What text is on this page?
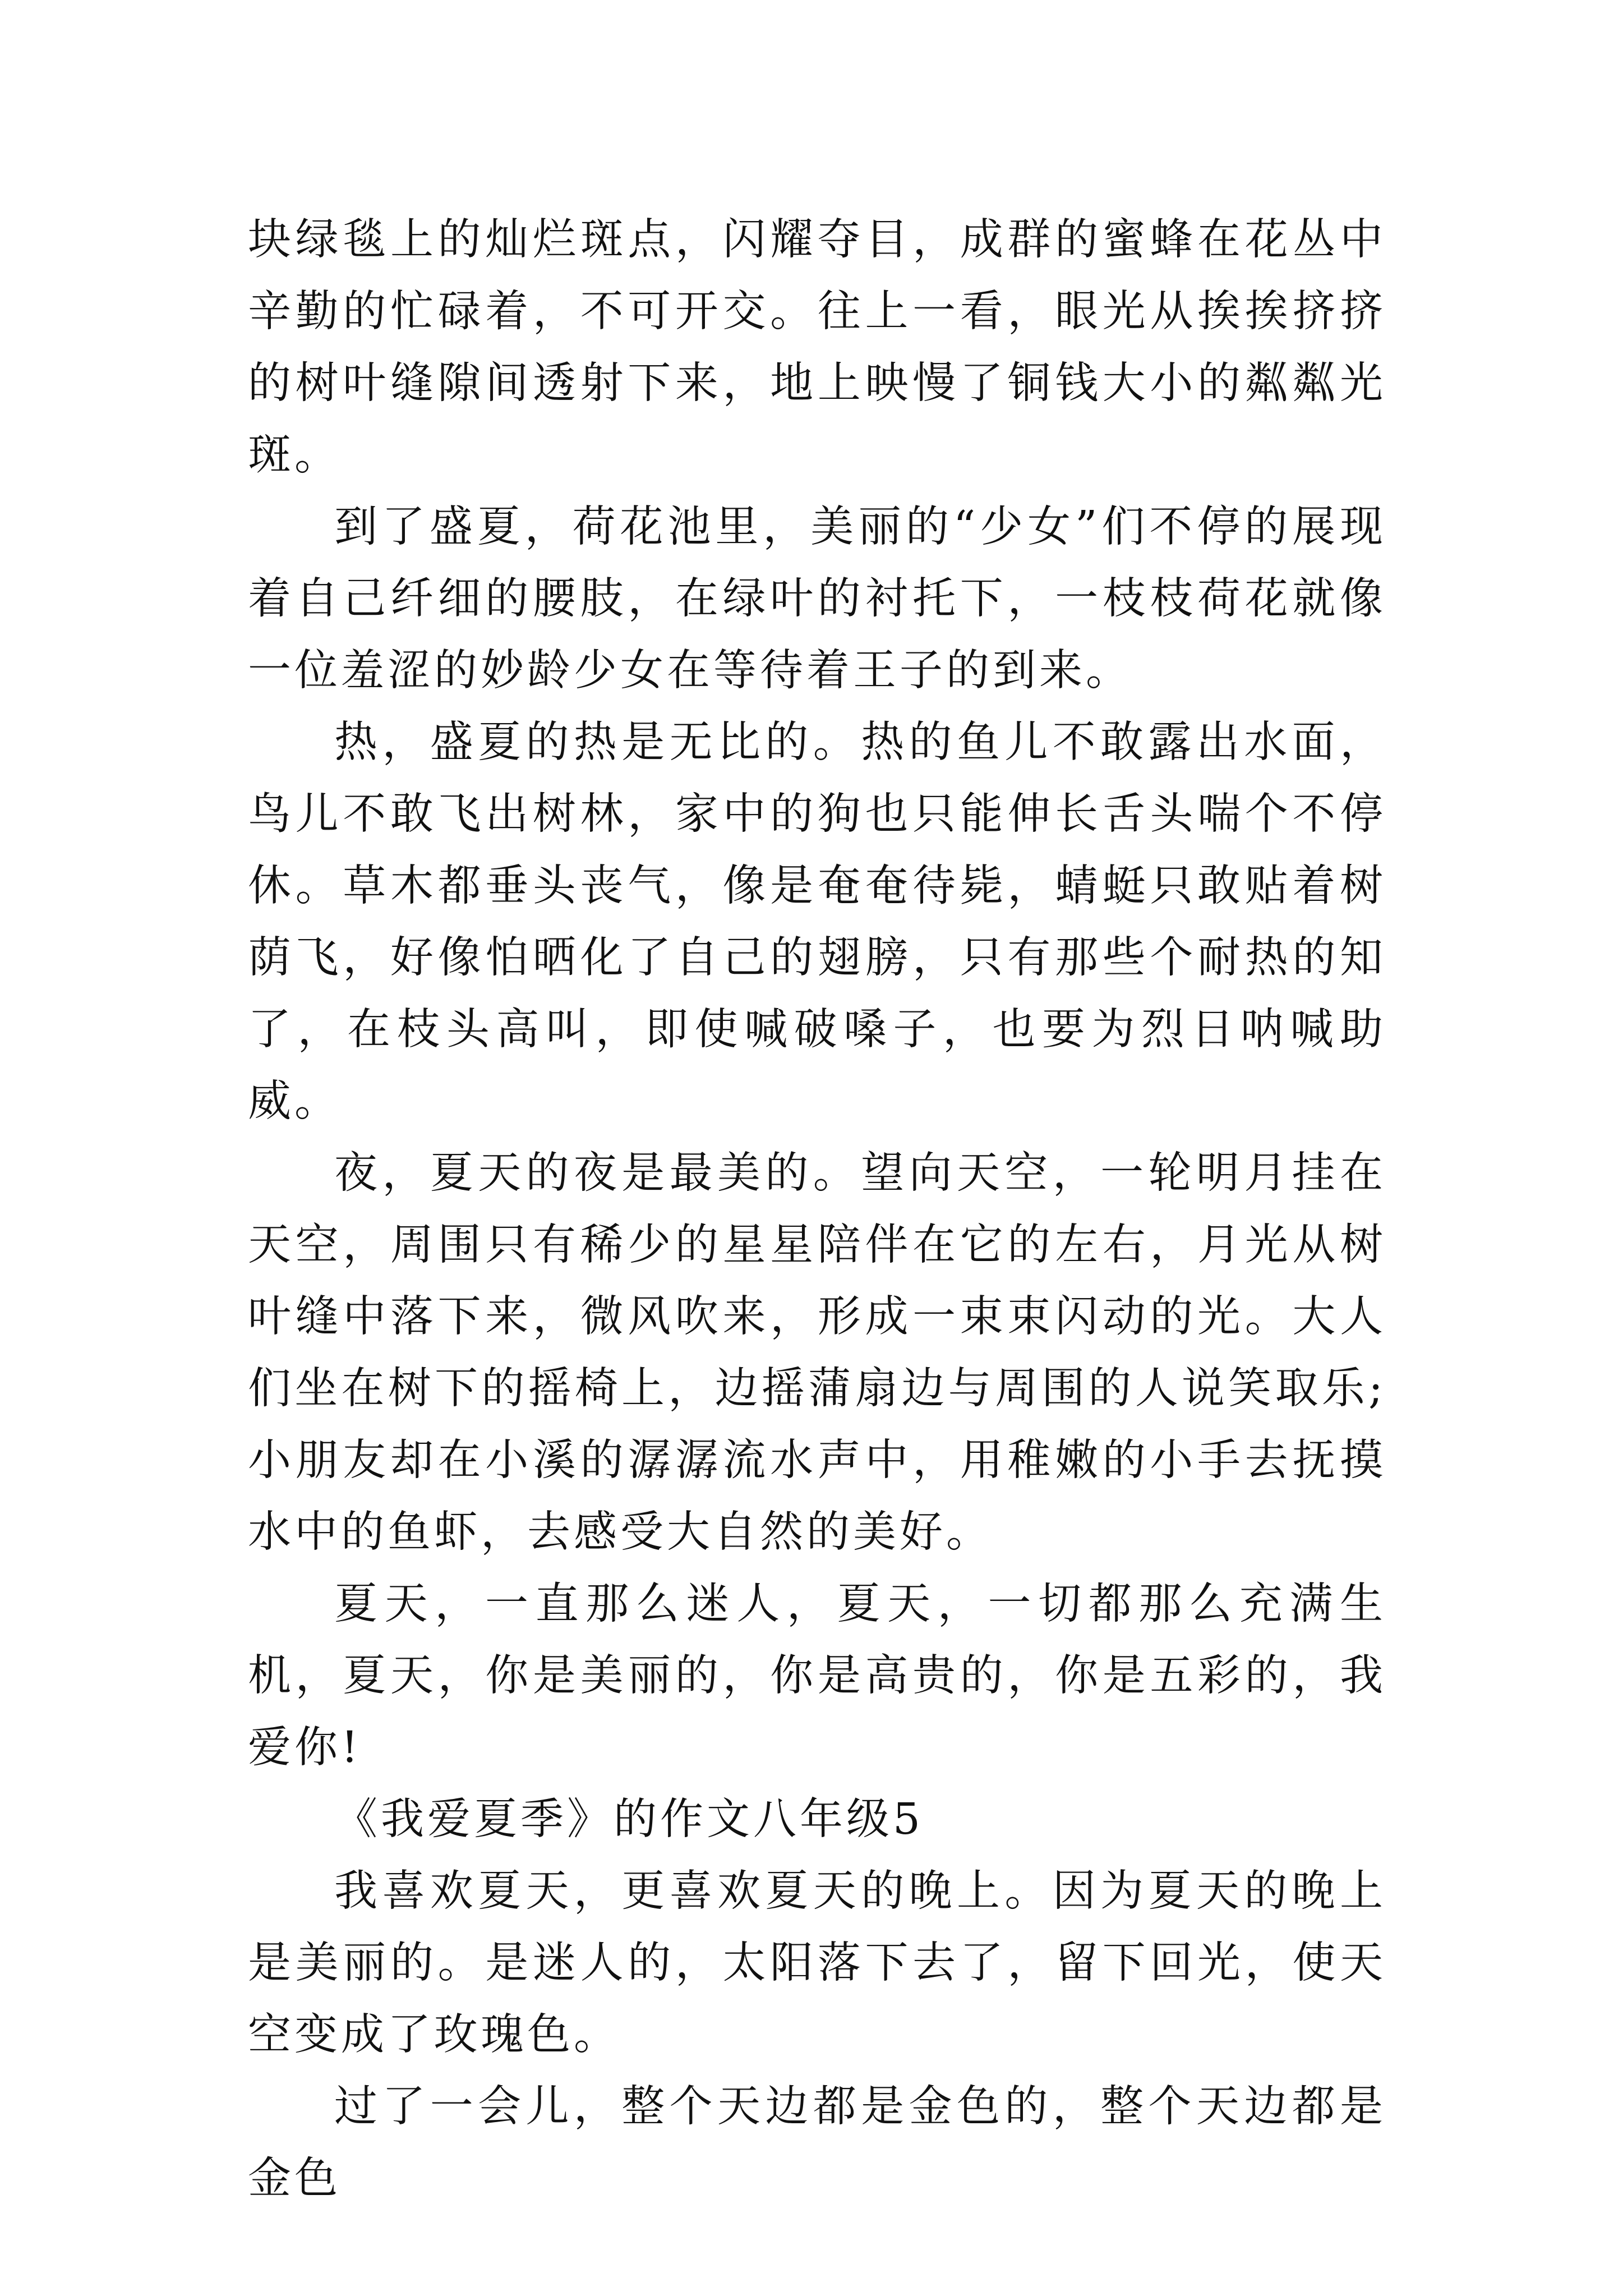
块绿毯上的灿烂斑点，闪耀夺目，成群的蜜蜂在花丛中辛勤的忙碌着，不可开交。往上一看，眼光从挨挨挤挤的树叶缝隙间透射下来，地上映慢了铜钱大小的粼粼光斑。

到了盛夏，荷花池里，美丽的“少女”们不停的展现着自己纤细的腰肢，在绿叶的衬托下，一枝枝荷花就像一位羞涩的妙龄少女在等待着王子的到来。

热，盛夏的热是无比的。热的鱼儿不敢露出水面，鸟儿不敢飞出树林，家中的狗也只能伸长舌头喘个不停休。草木都垂头丧气，像是奄奄待毙，蜻蜓只敢贴着树荫飞，好像怕晒化了自己的翅膀，只有那些个耐热的知了，在枝头高叫，即使喊破嗓子，也要为烈日呐喊助威。

夜，夏天的夜是最美的。望向天空，一轮明月挂在天空，周围只有稀少的星星陪伴在它的左右，月光从树叶缝中落下来，微风吹来，形成一束束闪动的光。大人们坐在树下的摇椅上，边摇蒲扇边与周围的人说笑取乐;小朋友却在小溪的潺潺流水声中，用稚嫩的小手去抚摸水中的鱼虾，去感受大自然的美好。

夏天，一直那么迷人，夏天，一切都那么充满生机，夏天，你是美丽的，你是高贵的，你是五彩的，我爱你!

《我爱夏季》的作文八年级5

我喜欢夏天，更喜欢夏天的晚上。因为夏天的晚上是美丽的。是迷人的，太阳落下去了，留下回光，使天空变成了玫瑰色。

过了一会儿，整个天边都是金色的，整个天边都是金色
